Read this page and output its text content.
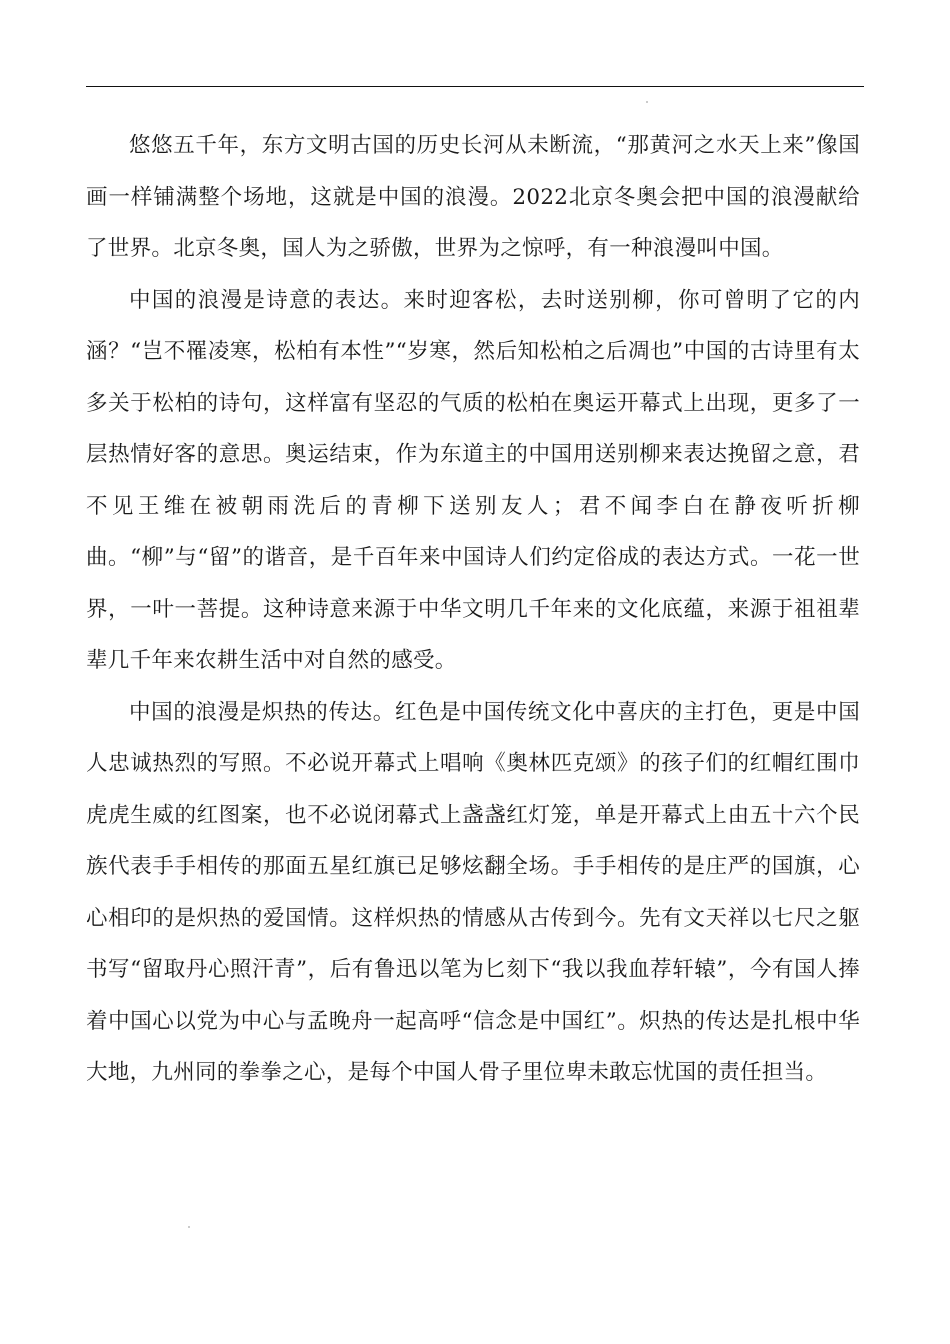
悠悠五千年，东方文明古国的历史长河从未断流，“那黄河之水天上来”像国画一样铺满整个场地，这就是中国的浪漫。2022北京冬奥会把中国的浪漫献给了世界。北京冬奥，国人为之骄傲，世界为之惊呼，有一种浪漫叫中国。

中国的浪漫是诗意的表达。来时迎客松，去时送别柳，你可曾明了它的内涵？“岂不罹凌寒，松柏有本性”“岁寒，然后知松柏之后凋也”中国的古诗里有太多关于松柏的诗句，这样富有坚忍的气质的松柏在奥运开幕式上出现，更多了一层热情好客的意思。奥运结束，作为东道主的中国用送别柳来表达挽留之意，君不见王维在被朝雨洗后的青柳下送别友人；君不闻李白在静夜听折柳曲。“柳”与“留”的谐音，是千百年来中国诗人们约定俗成的表达方式。一花一世界，一叶一菩提。这种诗意来源于中华文明几千年来的文化底蕴，来源于祖祖辈辈几千年来农耕生活中对自然的感受。

中国的浪漫是炽热的传达。红色是中国传统文化中喜庆的主打色，更是中国人忠诚热烈的写照。不必说开幕式上唱响《奥林匹克颂》的孩子们的红帽红围巾虎虎生威的红图案，也不必说闭幕式上盏盏红灯笼，单是开幕式上由五十六个民族代表手手相传的那面五星红旗已足够炫翻全场。手手相传的是庄严的国旗，心心相印的是炽热的爱国情。这样炽热的情感从古传到今。先有文天祥以七尺之躯书写“留取丹心照汗青”，后有鲁迅以笔为匕刻下“我以我血荐轩辕”，今有国人捧着中国心以党为中心与孟晚舟一起高呼“信念是中国红”。炽热的传达是扎根中华大地，九州同的拳拳之心，是每个中国人骨子里位卑未敢忘忧国的责任担当。
